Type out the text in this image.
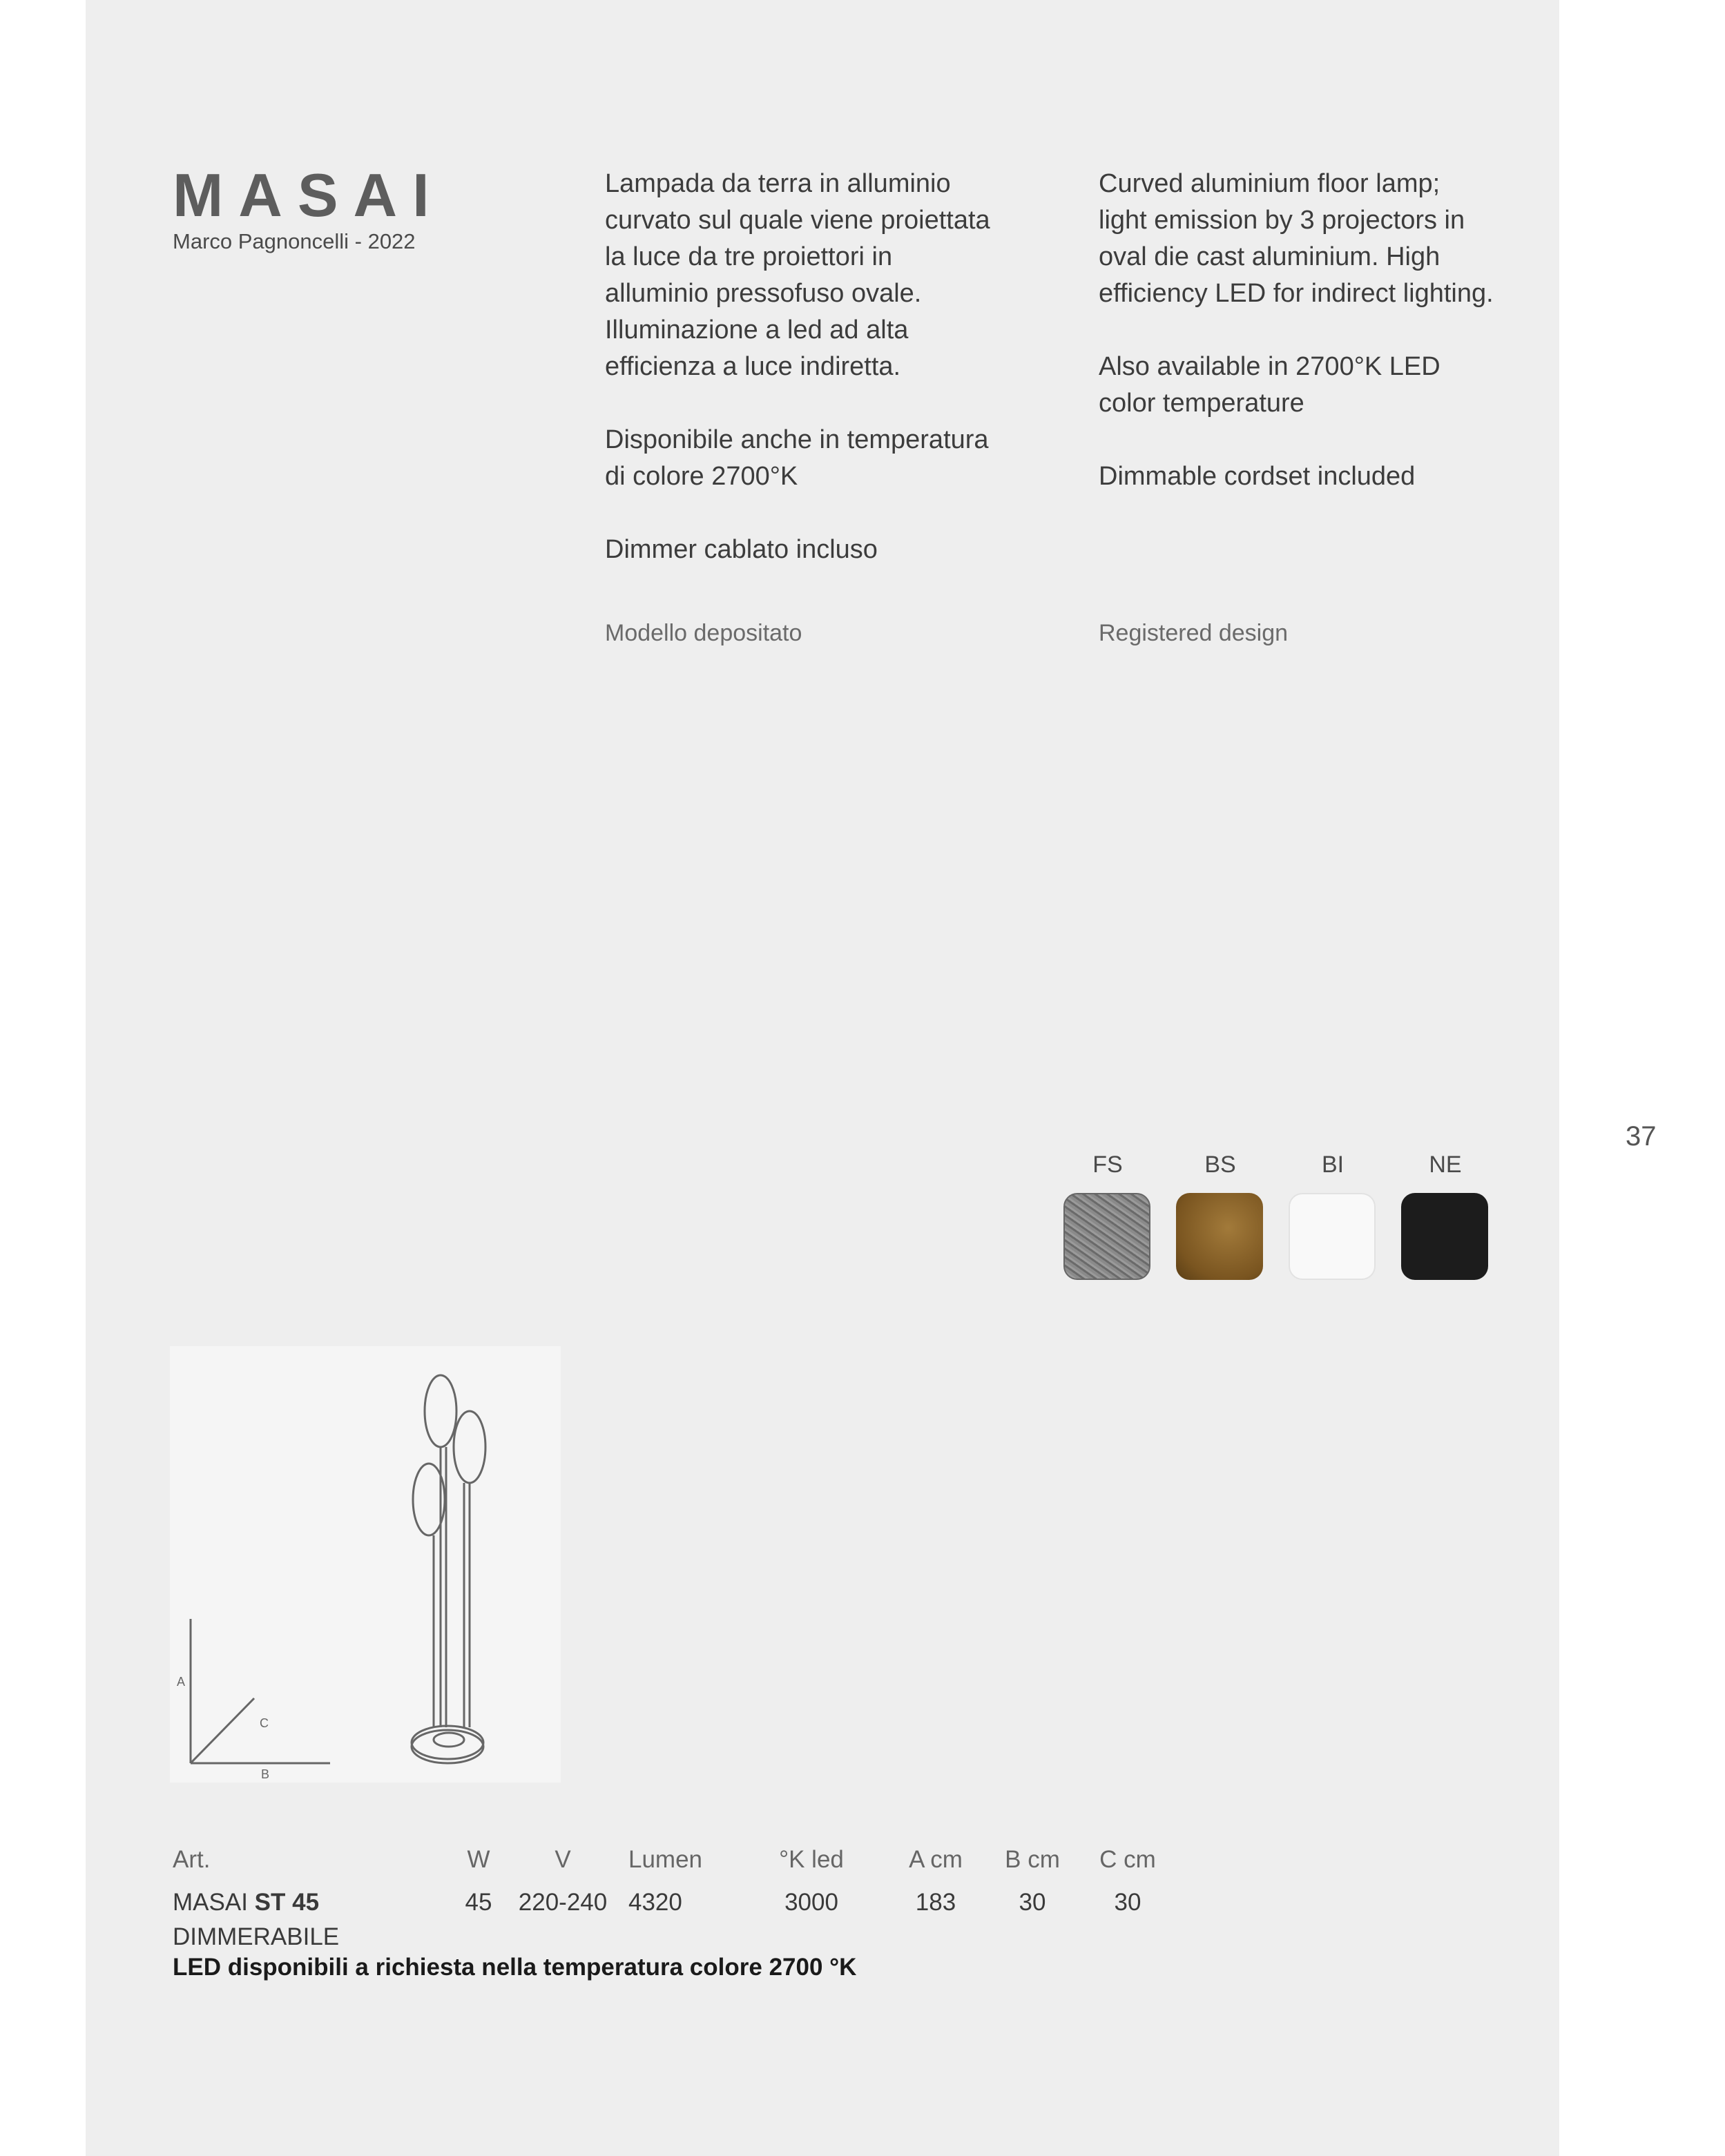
MASAI
Marco Pagnoncelli - 2022

Lampada da terra in alluminio
curvato sul quale viene proiettata
la luce da tre proiettori in
alluminio pressofuso ovale.
Illuminazione a led ad alta
efficienza a luce indiretta.

Disponibile anche in temperatura
di colore 2700°K

Dimmer cablato incluso

Curved aluminium floor lamp;
light emission by 3 projectors in
oval die cast aluminium. High
efficiency LED for indirect lighting.

Also available in 2700°K LED
color temperature

Dimmable cordset included

Modello depositato	Registered design
37
FS	BS	BI	NE
A
C
B
Art.	W	V	Lumen	°K led	A cm	B cm	C cm
MASAI ST 45	45	220-240 4320	3000	183	30	30
DIMMERABILE
LED disponibili a richiesta nella temperatura colore 2700 °K
